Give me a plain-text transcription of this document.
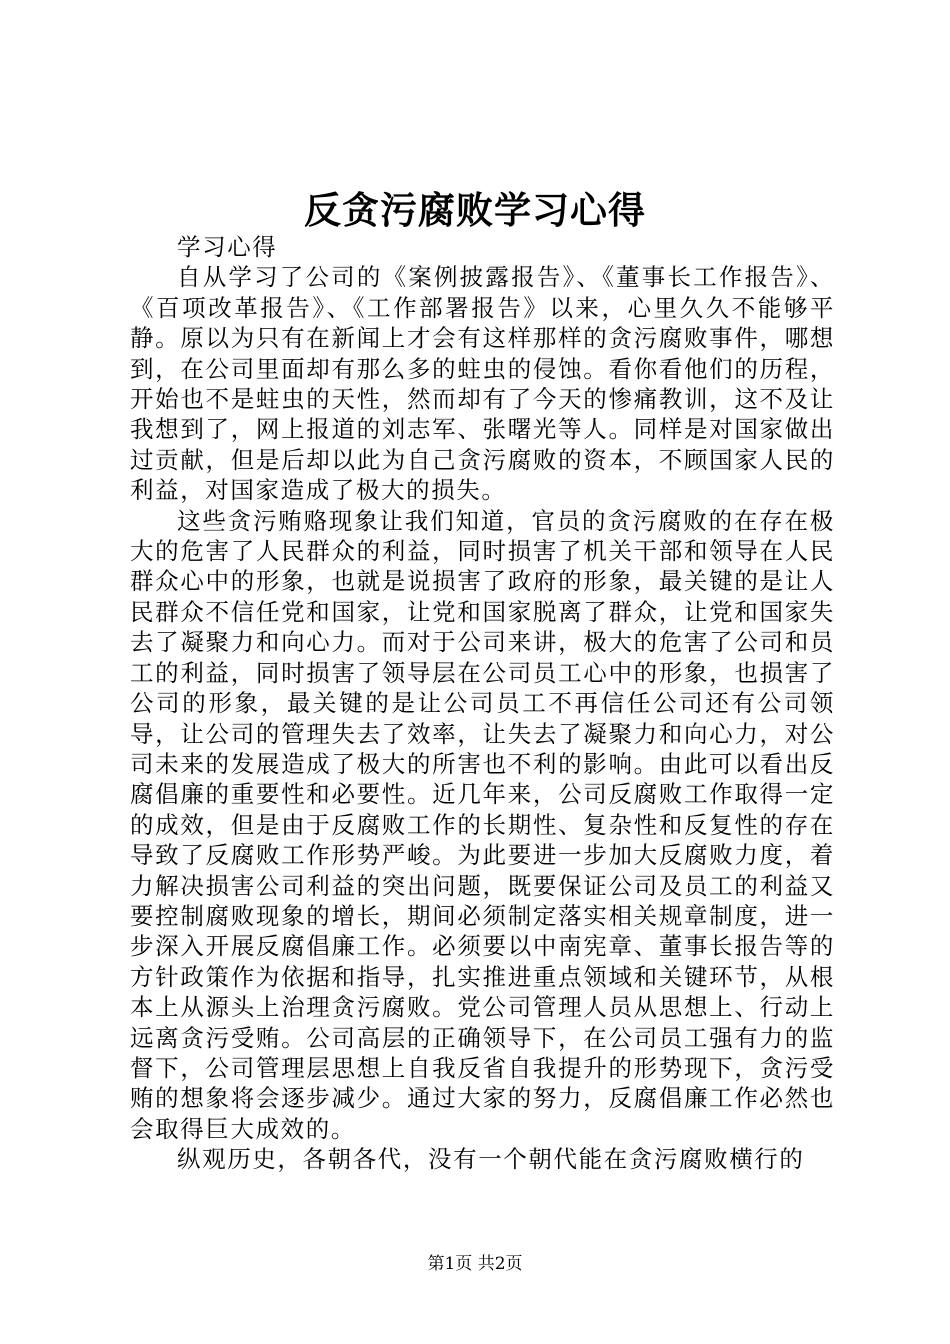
反贪污腐败学习心得

学习心得

自从学习了公司的《案例披露报告》、《董事长工作报告》、《百项改革报告》、《工作部署报告》以来，心里久久不能够平静。原以为只有在新闻上才会有这样那样的贪污腐败事件，哪想到，在公司里面却有那么多的蛀虫的侵蚀。看你看他们的历程，开始也不是蛀虫的天性，然而却有了今天的惨痛教训，这不及让我想到了，网上报道的刘志军、张曙光等人。同样是对国家做出过贡献，但是后却以此为自己贪污腐败的资本，不顾国家人民的利益，对国家造成了极大的损失。

这些贪污贿赂现象让我们知道，官员的贪污腐败的在存在极大的危害了人民群众的利益，同时损害了机关干部和领导在人民群众心中的形象，也就是说损害了政府的形象，最关键的是让人民群众不信任党和国家，让党和国家脱离了群众，让党和国家失去了凝聚力和向心力。而对于公司来讲，极大的危害了公司和员工的利益，同时损害了领导层在公司员工心中的形象，也损害了公司的形象，最关键的是让公司员工不再信任公司还有公司领导，让公司的管理失去了效率，让失去了凝聚力和向心力，对公司未来的发展造成了极大的所害也不利的影响。由此可以看出反腐倡廉的重要性和必要性。近几年来，公司反腐败工作取得一定的成效，但是由于反腐败工作的长期性、复杂性和反复性的存在导致了反腐败工作形势严峻。为此要进一步加大反腐败力度，着力解决损害公司利益的突出问题，既要保证公司及员工的利益又要控制腐败现象的增长，期间必须制定落实相关规章制度，进一步深入开展反腐倡廉工作。必须要以中南宪章、董事长报告等的方针政策作为依据和指导，扎实推进重点领域和关键环节，从根本上从源头上治理贪污腐败。党公司管理人员从思想上、行动上远离贪污受贿。公司高层的正确领导下，在公司员工强有力的监督下，公司管理层思想上自我反省自我提升的形势现下，贪污受贿的想象将会逐步减少。通过大家的努力，反腐倡廉工作必然也会取得巨大成效的。

纵观历史，各朝各代，没有一个朝代能在贪污腐败横行的

第1页 共2页
